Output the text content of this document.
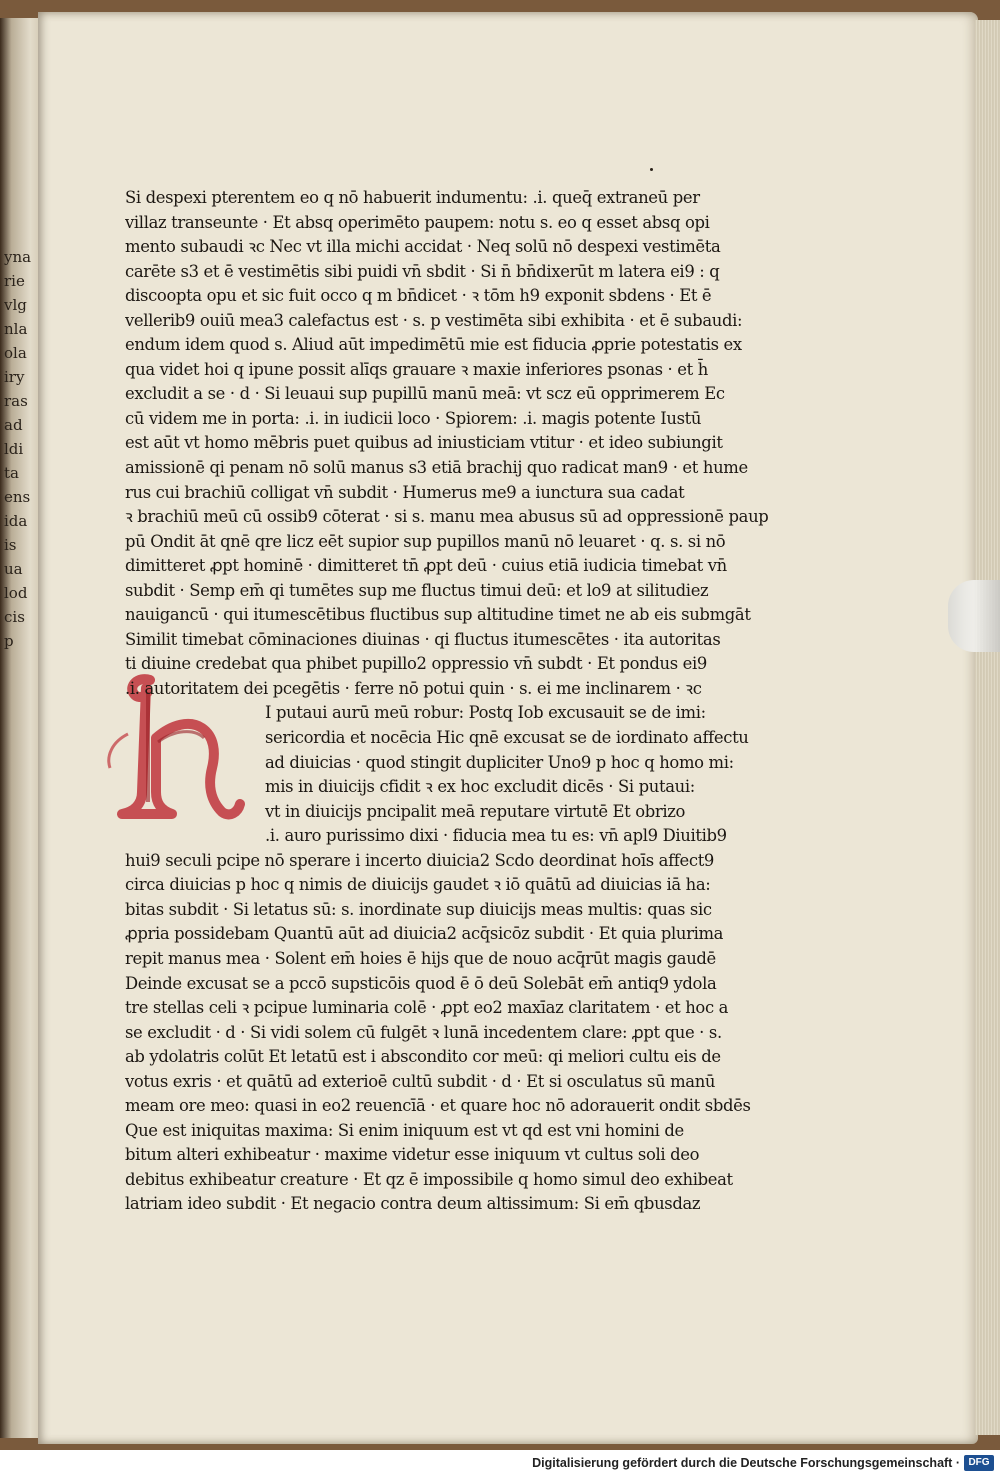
yna
rie
vlg
nla
ola
iry
ras
ad
ldi
ta
ens
ida
is
ua
lod
cis
p
Si despexi pterentem eo q nō habuerit indumentu: .i. queq̄ extraneū per
villaz transeunte · Et absq operimēto paupem: notu s. eo q esset absq opi
mento subaudi ꝛc Nec vt illa michi accidat · Neq solū nō despexi vestimēta
carēte s3 et ē vestimētis sibi puidi vn̄ sbdit · Si n̄ bn̄dixerūt m latera ei9 : q
discoopta opu et sic fuit occo q m bn̄dicet · ꝛ tōm h9 exponit sbdens · Et ē
vellerib9 ouiū mea3 calefactus est · s. p vestimēta sibi exhibita · et ē subaudi:
endum idem quod s. Aliud aūt impedimētū mie est fiducia ꝓprie potestatis ex
qua videt hoi q ipune possit alīqs grauare ꝛ maxie inferiores psonas · et h̄
excludit a se · d · Si leuaui sup pupillū manū meā: vt scz eū opprimerem Ec
cū videm me in porta: .i. in iudicii loco · Spiorem: .i. magis potente Iustū
est aūt vt homo mēbris puet quibus ad iniusticiam vtitur · et ideo subiungit
amissionē qi penam nō solū manus s3 etiā brachij quo radicat man9 · et hume
rus cui brachiū colligat vn̄ subdit · Humerus me9 a iunctura sua cadat
ꝛ brachiū meū cū ossib9 cōterat · si s. manu mea abusus sū ad oppressionē paup
pū Ondit āt qnē qre licz eēt supior sup pupillos manū nō leuaret · q. s. si nō
dimitteret ꝓpt hominē · dimitteret tn̄ ꝓpt deū · cuius etiā iudicia timebat vn̄
subdit · Semp em̄ qi tumētes sup me fluctus timui deū: et lo9 at silitudiez
nauigancū · qui itumescētibus fluctibus sup altitudine timet ne ab eis submgāt
Similit timebat cōminaciones diuinas · qi fluctus itumescētes · ita autoritas
ti diuine credebat qua phibet pupillo2 oppressio vn̄ subdt · Et pondus ei9
.i. autoritatem dei pcegētis · ferre nō potui quin · s. ei me inclinarem · ꝛc
I putaui aurū meū robur: Postq Iob excusauit se de imi:
sericordia et nocēcia Hic qnē excusat se de iordinato affectu
ad diuicias · quod stingit dupliciter Uno9 p hoc q homo mi:
mis in diuicijs cfidit ꝛ ex hoc excludit dicēs · Si putaui:
vt in diuicijs pncipalit meā reputare virtutē Et obrizo
.i. auro purissimo dixi · fiducia mea tu es: vn̄ apl9 Diuitib9
hui9 seculi pcipe nō sperare i incerto diuicia2 Scdo deordinat hoīs affect9
circa diuicias p hoc q nimis de diuicijs gaudet ꝛ iō quātū ad diuicias iā ha:
bitas subdit · Si letatus sū: s. inordinate sup diuicijs meas multis: quas sic
ꝓpria possidebam Quantū aūt ad diuicia2 acq̄sicōz subdit · Et quia plurima
repit manus mea · Solent em̄ hoies ē hijs que de nouo acq̄rūt magis gaudē
Deinde excusat se a pccō supsticōis quod ē ō deū Solebāt em̄ antiq9 ydola
tre stellas celi ꝛ pcipue luminaria colē · ꝓpt eo2 maxīaz claritatem · et hoc a
se excludit · d · Si vidi solem cū fulgēt ꝛ lunā incedentem clare: ꝓpt que · s.
ab ydolatris colūt Et letatū est i abscondito cor meū: qi meliori cultu eis de
votus exris · et quātū ad exterioē cultū subdit · d · Et si osculatus sū manū
meam ore meo: quasi in eo2 reuencīā · et quare hoc nō adorauerit ondit sbdēs
Que est iniquitas maxima: Si enim iniquum est vt qd est vni homini de
bitum alteri exhibeatur · maxime videtur esse iniquum vt cultus soli deo
debitus exhibeatur creature · Et qz ē impossibile q homo simul deo exhibeat
latriam ideo subdit · Et negacio contra deum altissimum: Si em̄ qbusdaz
Digitalisierung gefördert durch die Deutsche Forschungsgemeinschaft · DFG
